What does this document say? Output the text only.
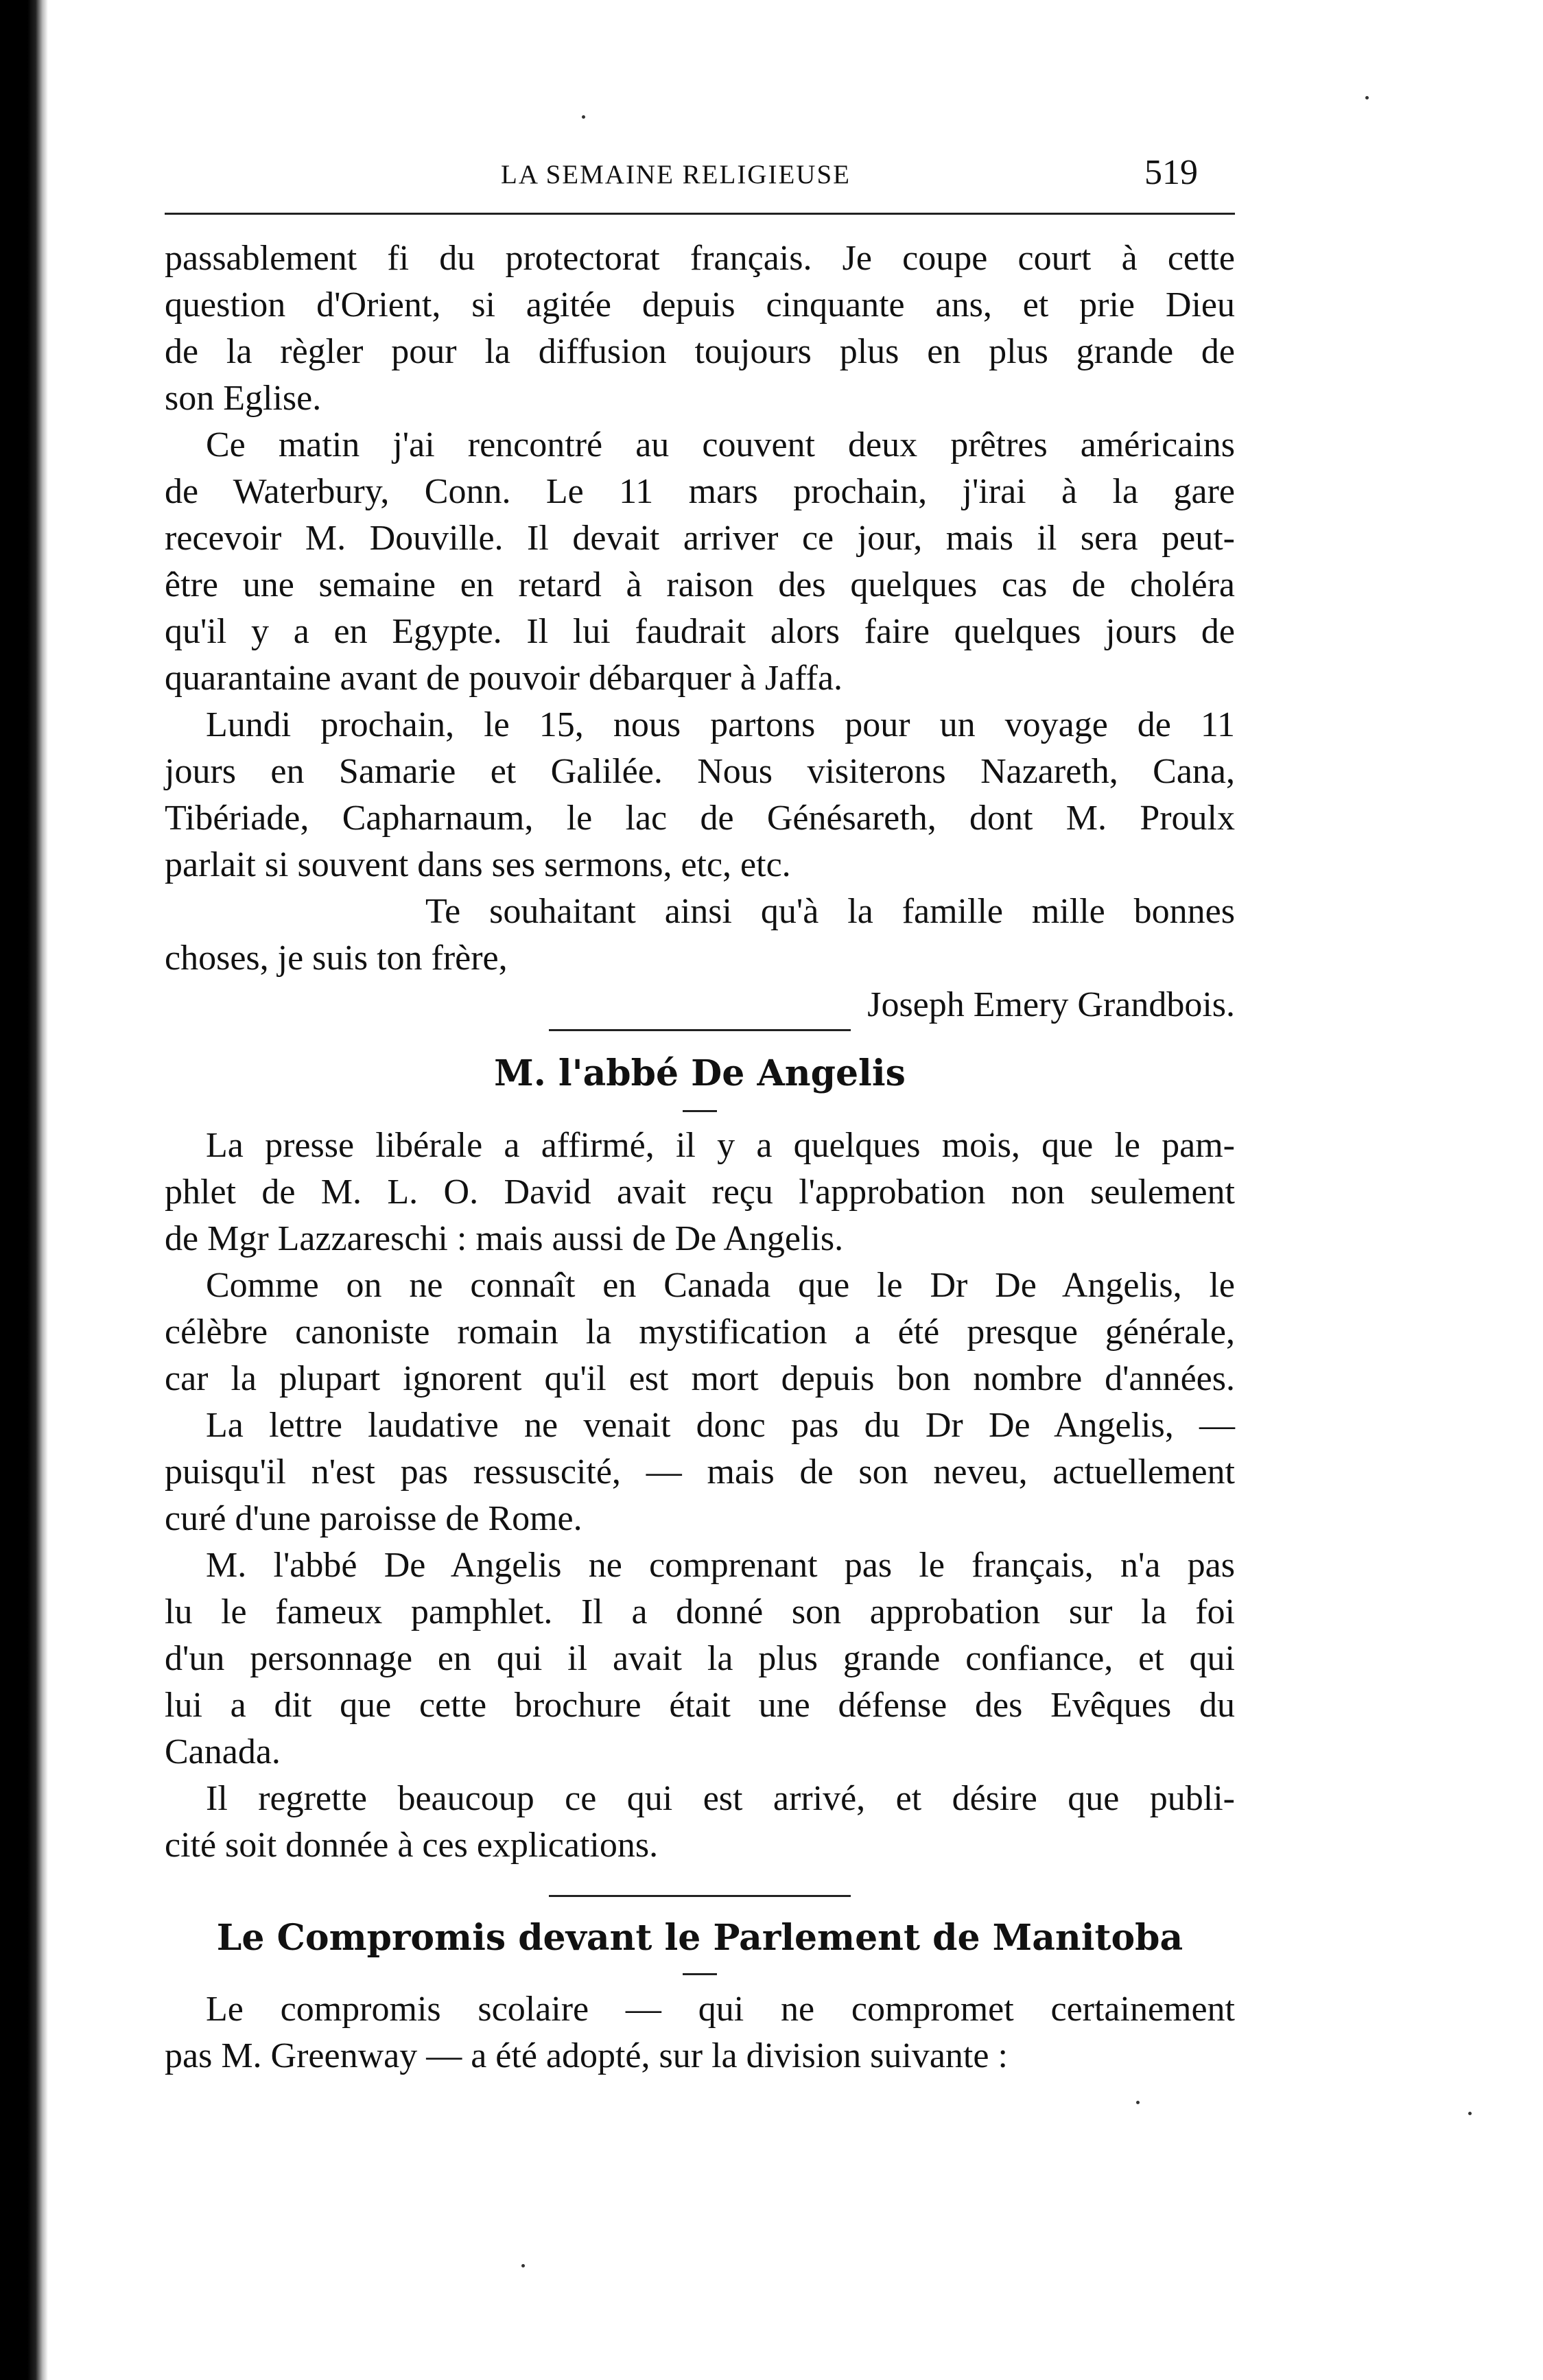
LA SEMAINE RELIGIEUSE	519
passablement fi du protectorat français. Je coupe court à cette
question d'Orient, si agitée depuis cinquante ans, et prie Dieu
de la règler pour la diffusion toujours plus en plus grande de
son Eglise.
Ce matin j'ai rencontré au couvent deux prêtres américains
de Waterbury, Conn. Le 11 mars prochain, j'irai à la gare
recevoir M. Douville. Il devait arriver ce jour, mais il sera peut-
être une semaine en retard à raison des quelques cas de choléra
qu'il y a en Egypte. Il lui faudrait alors faire quelques jours de
quarantaine avant de pouvoir débarquer à Jaffa.
Lundi prochain, le 15, nous partons pour un voyage de 11
jours en Samarie et Galilée. Nous visiterons Nazareth, Cana,
Tibériade, Capharnaum, le lac de Génésareth, dont M. Proulx
parlait si souvent dans ses sermons, etc, etc.
Te souhaitant ainsi qu'à la famille mille bonnes
choses, je suis ton frère,
Joseph Emery Grandbois.
M. l'abbé De Angelis
La presse libérale a affirmé, il y a quelques mois, que le pam-
phlet de M. L. O. David avait reçu l'approbation non seulement
de Mgr Lazzareschi : mais aussi de De Angelis.
Comme on ne connaît en Canada que le Dr De Angelis, le
célèbre canoniste romain la mystification a été presque générale,
car la plupart ignorent qu'il est mort depuis bon nombre d'années.
La lettre laudative ne venait donc pas du Dr De Angelis, —
puisqu'il n'est pas ressuscité, — mais de son neveu, actuellement
curé d'une paroisse de Rome.
M. l'abbé De Angelis ne comprenant pas le français, n'a pas
lu le fameux pamphlet. Il a donné son approbation sur la foi
d'un personnage en qui il avait la plus grande confiance, et qui
lui a dit que cette brochure était une défense des Evêques du
Canada.
Il regrette beaucoup ce qui est arrivé, et désire que publi-
cité soit donnée à ces explications.
Le Compromis devant le Parlement de Manitoba
Le compromis scolaire — qui ne compromet certainement
pas M. Greenway — a été adopté, sur la division suivante :
